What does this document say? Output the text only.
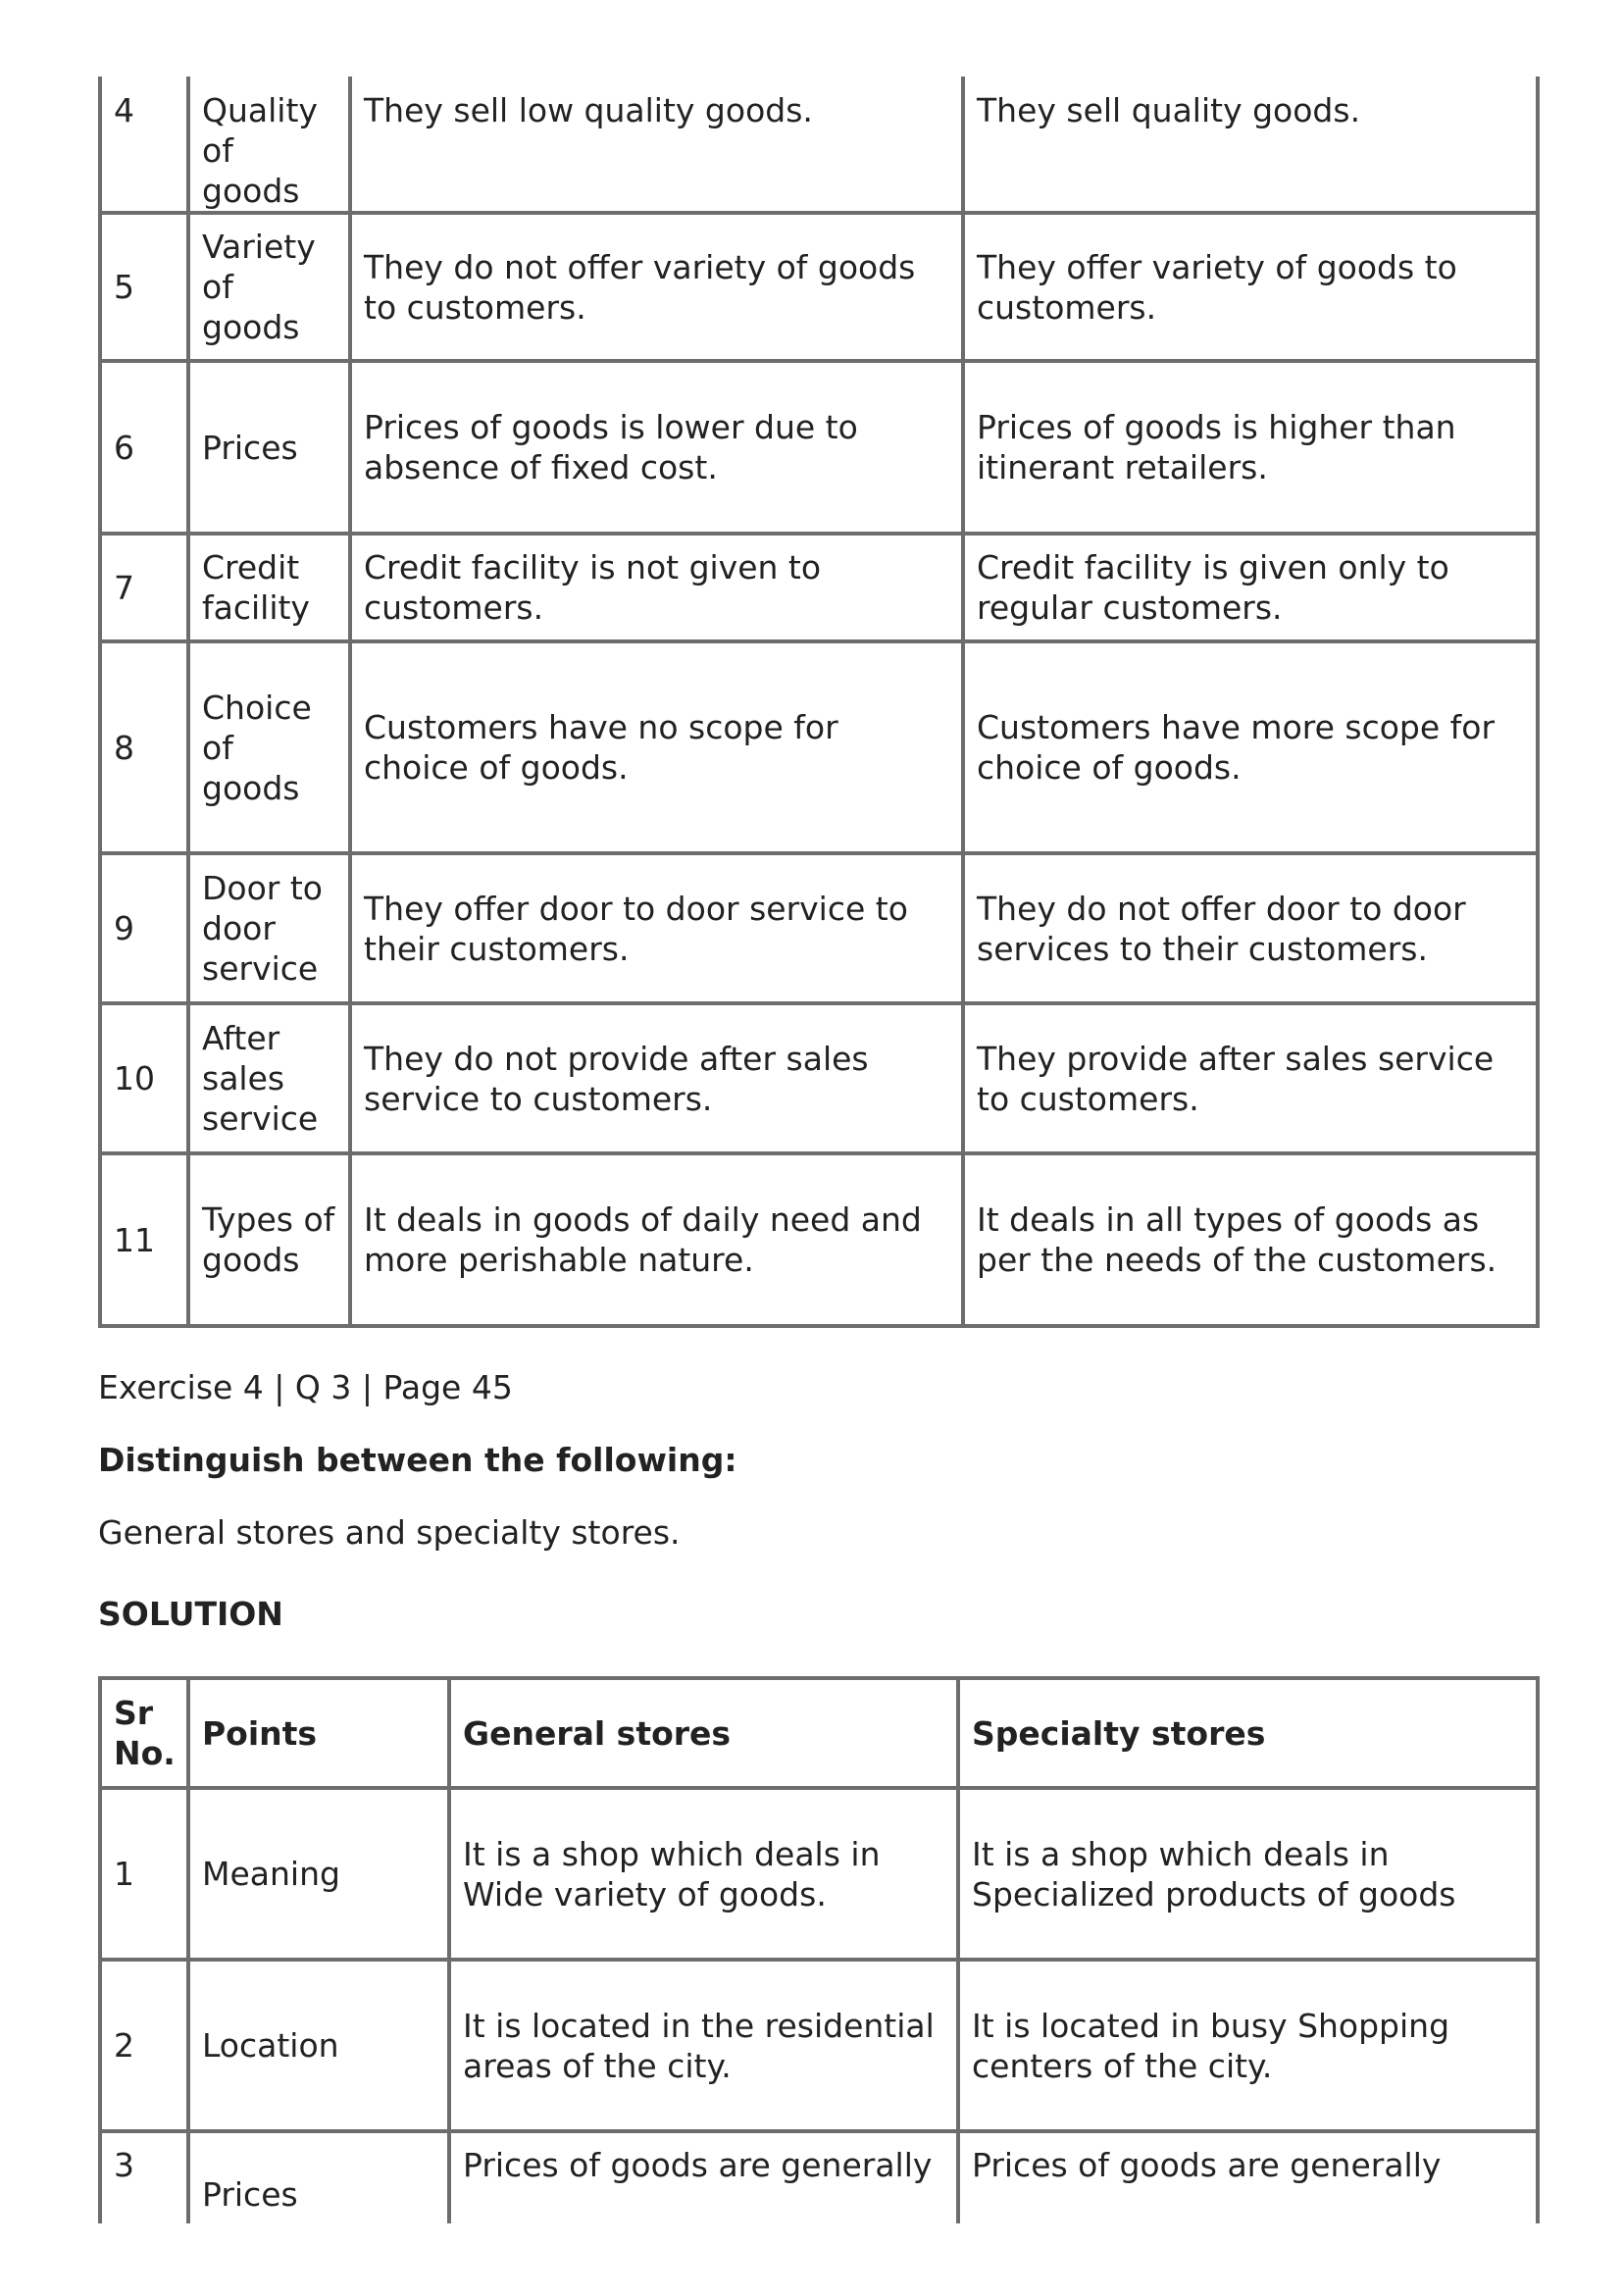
4	Quality of goods	They sell low quality goods.	They sell quality goods.
5	Variety of goods	They do not offer variety of goods to customers.	They offer variety of goods to customers.
6	Prices	Prices of goods is lower due to absence of fixed cost.	Prices of goods is higher than itinerant retailers.
7	Credit facility	Credit facility is not given to customers.	Credit facility is given only to regular customers.
8	Choice of goods	Customers have no scope for choice of goods.	Customers have more scope for choice of goods.
9	Door to door service	They offer door to door service to their customers.	They do not offer door to door services to their customers.
10	After sales service	They do not provide after sales service to customers.	They provide after sales service to customers.
11	Types of goods	It deals in goods of daily need and more perishable nature.	It deals in all types of goods as per the needs of the customers.

Exercise 4 | Q 3 | Page 45

Distinguish between the following:

General stores and specialty stores.

SOLUTION

Sr No.	Points	General stores	Specialty stores
1	Meaning	It is a shop which deals in Wide variety of goods.	It is a shop which deals in Specialized products of goods
2	Location	It is located in the residential areas of the city.	It is located in busy Shopping centers of the city.
3	Prices	Prices of goods are generally	Prices of goods are generally
